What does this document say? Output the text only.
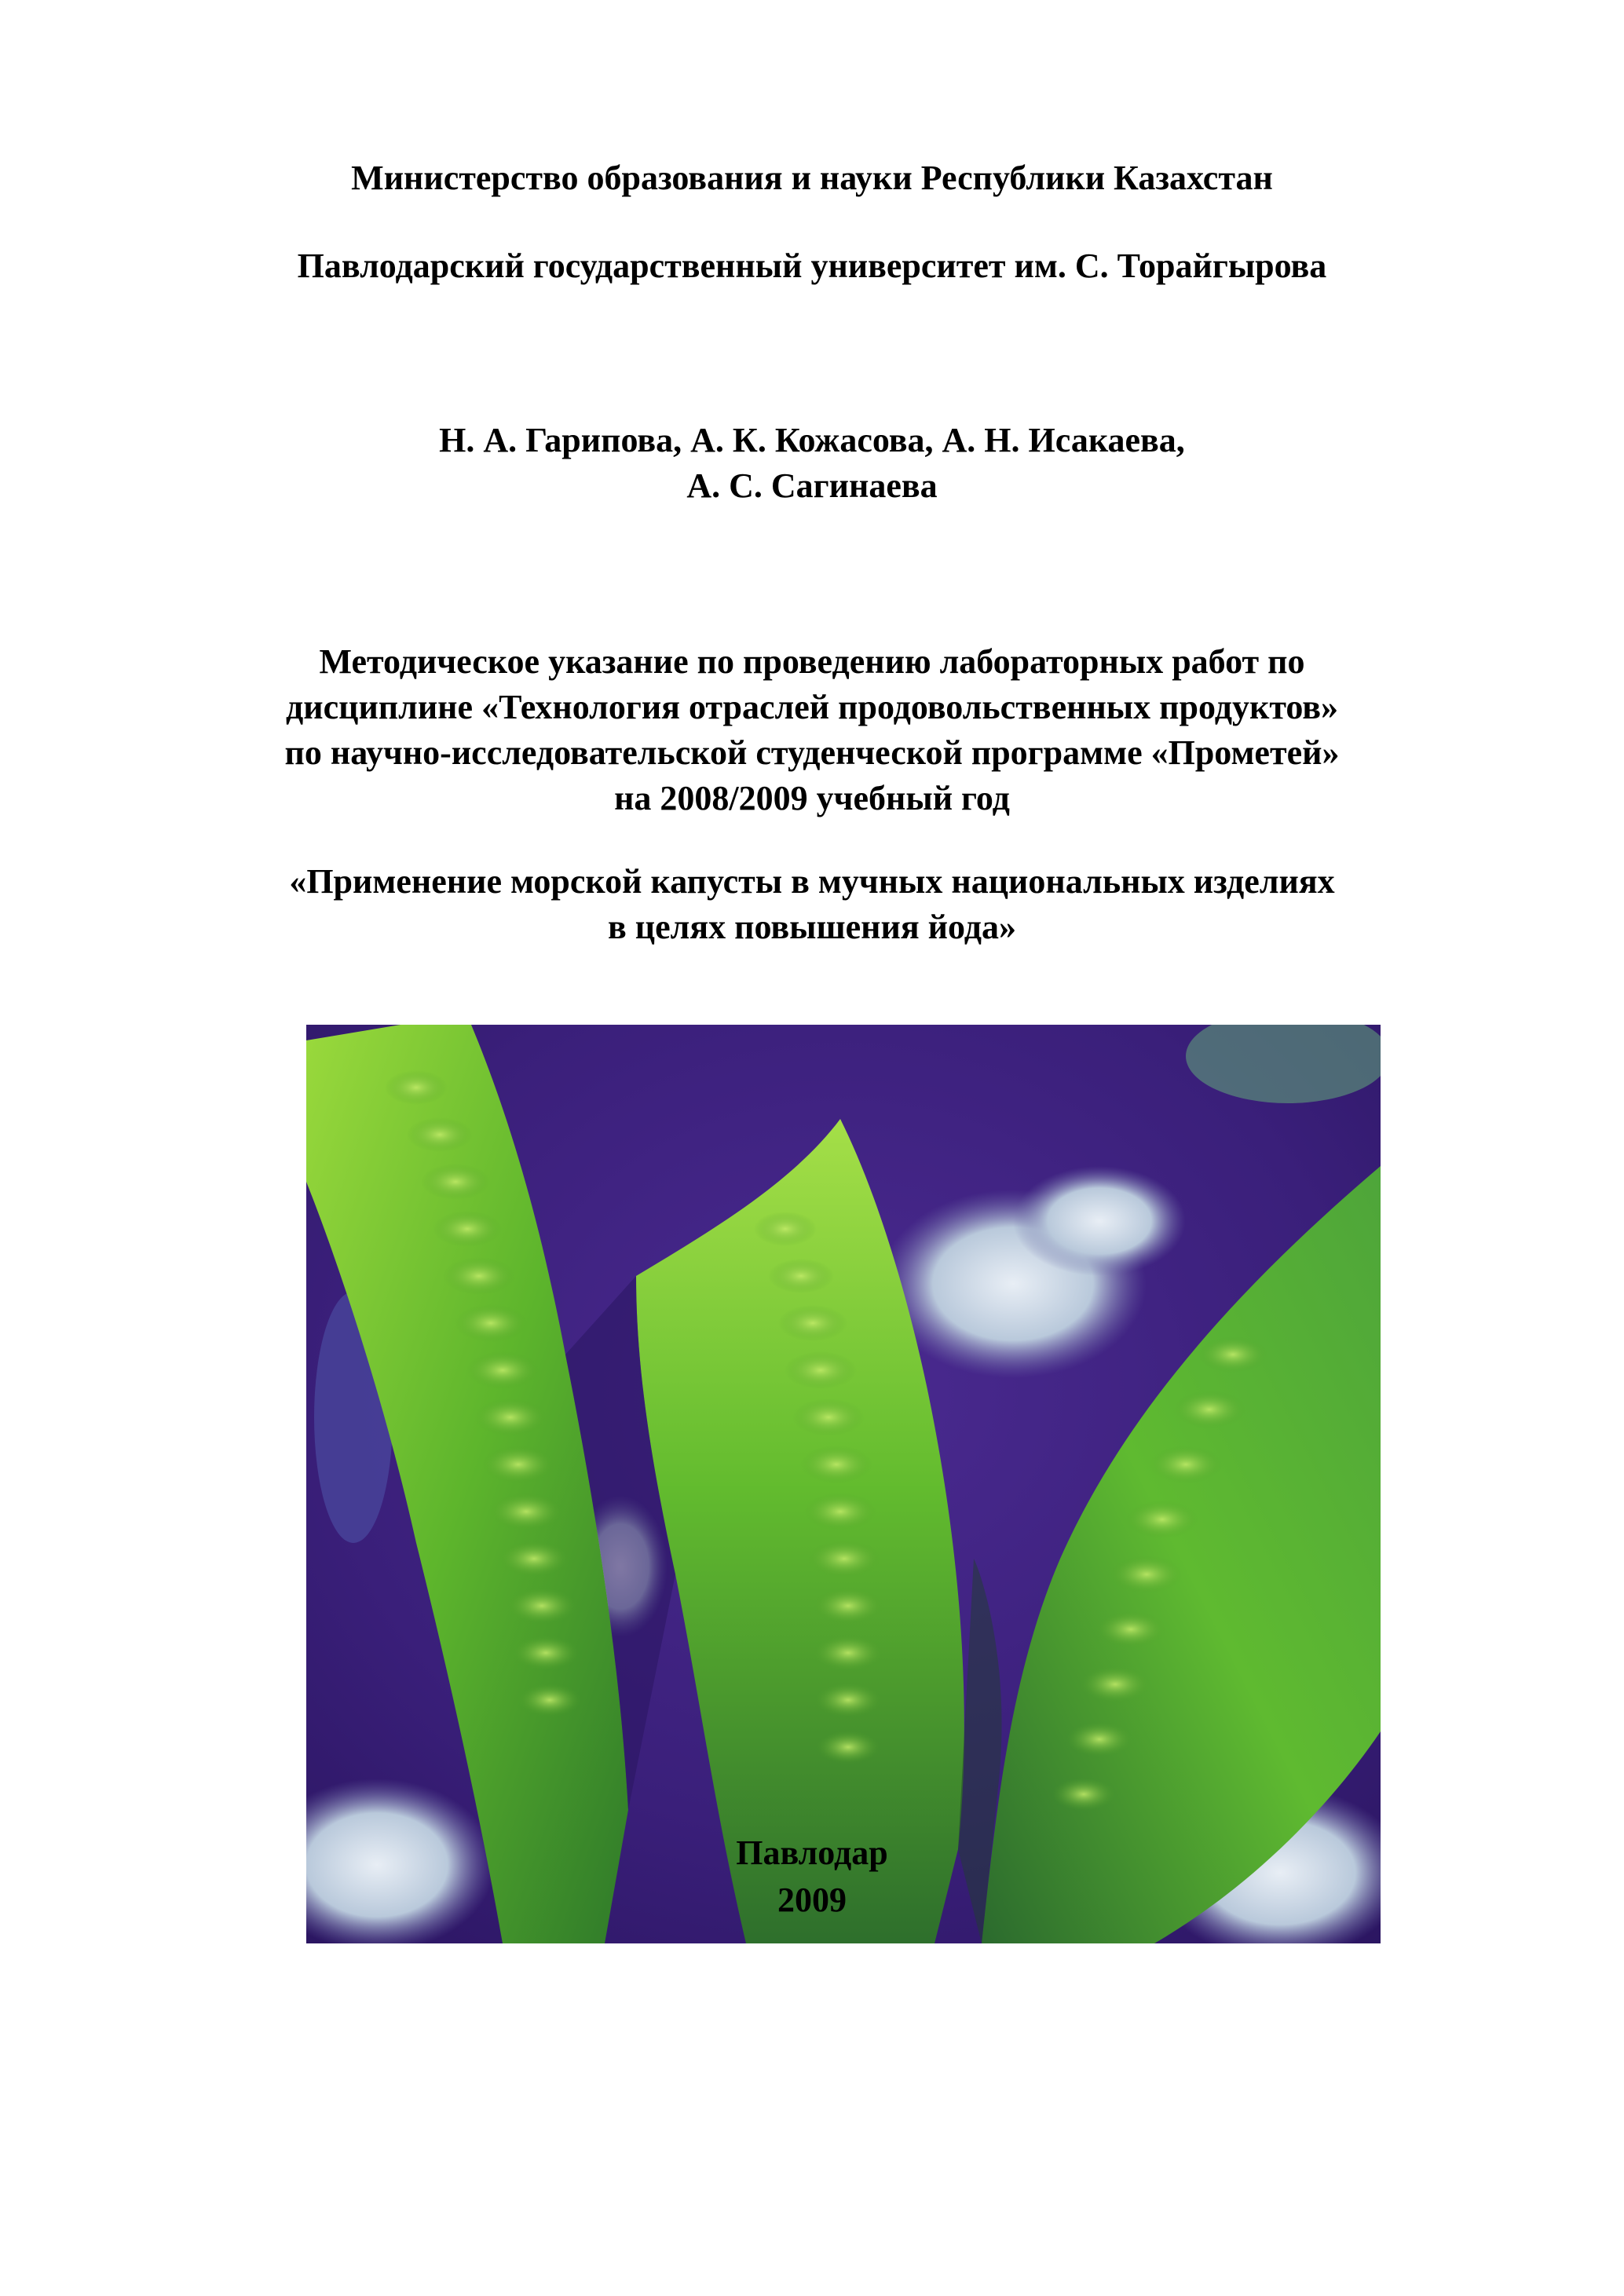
Министерство образования и науки Республики Казахстан
Павлодарский государственный университет им. С. Торайгырова
Н. А. Гарипова, А. К. Кожасова, А. Н. Исакаева,
А. С. Сагинаева
Методическое указание по проведению лабораторных работ по
дисциплине «Технология отраслей продовольственных продуктов»
по научно-исследовательской студенческой программе «Прометей»
на 2008/2009 учебный год
«Применение морской капусты в мучных национальных изделиях
в целях повышения йода»
Павлодар
2009
